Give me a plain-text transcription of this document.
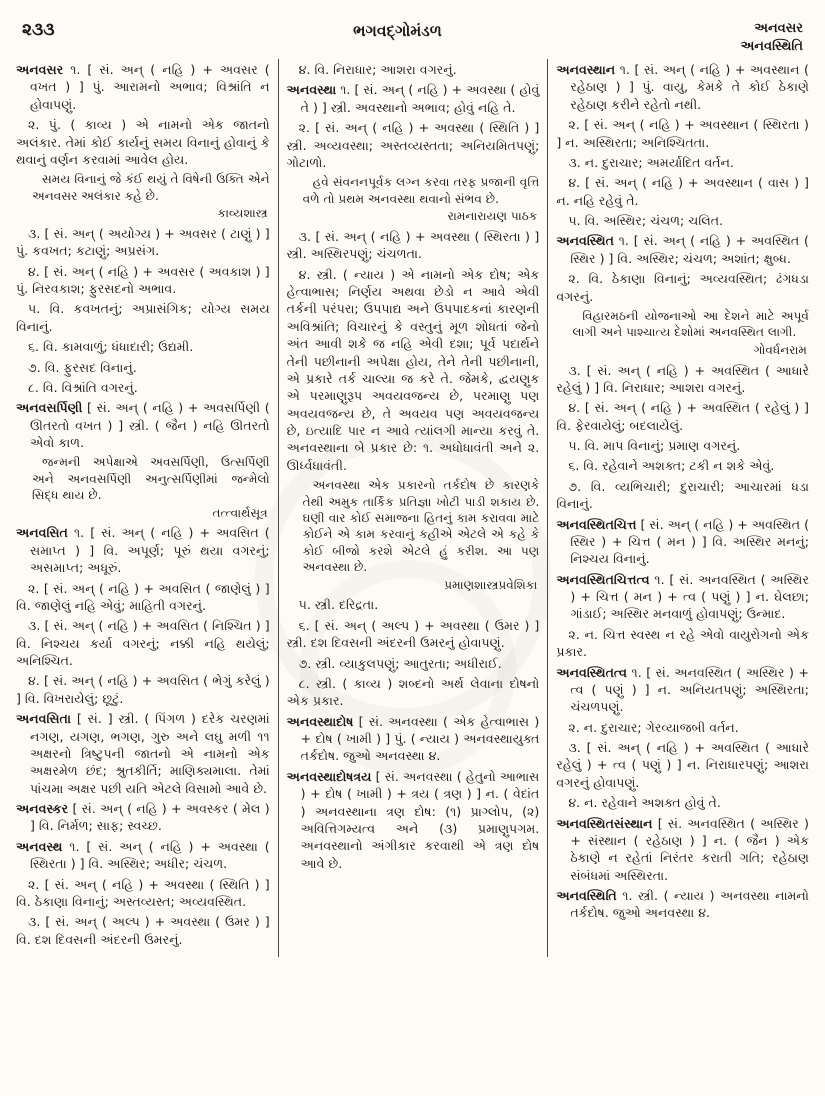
૨૩૩	ભગવદ્ગોમંડળ	અનવસર
અનવસ્થિતિ

અનવસર ૧. [ સં. અન્ ( નહિ ) + અવસર ( વખત ) ] પું. આરામનો અભાવ; વિશ્રાંતિ ન હોવાપણું.

૨. પું. ( કાવ્ય ) એ નામનો એક જાતનો અલંકાર. તેમાં કોઈ કાર્યનું સમય વિનાનું હોવાનું કે થવાનું વર્ણન કરવામાં આવેલ હોય.

સમય વિનાનું જે કંઈ થયું તે વિષેની ઉક્તિ એને અનવસર અલંકાર કહે છે.

કાવ્યશાસ્ત્ર

૩. [ સં. અન્ ( અયોગ્ય ) + અવસર ( ટાણું ) ] પું. કવખત; કટાણું; અપ્રસંગ.

૪. [ સં. અન્ ( નહિ ) + અવસર ( અવકાશ ) ] પું. નિરવકાશ; ફુરસદનો અભાવ.

૫. વિ. કવખતનું; અપ્રાસંગિક; યોગ્ય સમય વિનાનું.

૬. વિ. કામવાળું; ધંધાદારી; ઉદ્યમી.

૭. વિ. ફુરસદ વિનાનું.

૮. વિ. વિશ્રાંતિ વગરનું.

અનવસર્પિણી [ સં. અન્ ( નહિ ) + અવસર્પિણી ( ઊતરતો વખત ) ] સ્ત્રી. ( જૈન ) નહિ ઊતરતો એવો કાળ.

જન્મની અપેક્ષાએ અવસર્પિણી, ઉત્સર્પિણી અને અનવસર્પિણી અનુત્સર્પિણીમાં જન્મેલો સિદ્ધ થાય છે.

તત્ત્વાર્થસૂત્ર

અનવસિત ૧. [ સં. અન્ ( નહિ ) + અવસિત ( સમાપ્ત ) ] વિ. અપૂર્ણ; પૂરું થયા વગરનું; અસમાપ્ત; અધૂરું.

૨. [ સં. અન્ ( નહિ ) + અવસિત ( જાણેલું ) ] વિ. જાણેલું નહિ એવું; માહિતી વગરનું.

૩. [ સં. અન્ ( નહિ ) + અવસિત ( નિશ્ચિત ) ] વિ. નિશ્ચય કર્યા વગરનું; નક્કી નહિ થયેલું; અનિશ્ચિત.

૪. [ સં. અન્ ( નહિ ) + અવસિત ( ભેગું કરેલું ) ] વિ. વિખરાયેલું; છૂટું.

અનવસિતા [ સં. ] સ્ત્રી. ( પિંગળ ) દરેક ચરણમાં નગણ, યગણ, ભગણ, ગુરુ અને લઘુ મળી ૧૧ અક્ષરનો ત્રિષ્ટુપની જાતનો એ નામનો એક અક્ષરમેળ છંદ; શ્રુતકીર્તિ; માણિક્યમાલા. તેમાં પાંચમા અક્ષર પછી યતિ એટલે વિસામો આવે છે.

અનવસ્કર [ સં. અન્ ( નહિ ) + અવસ્કર ( મેલ ) ] વિ. નિર્મળ; સાફ; સ્વચ્છ.

અનવસ્થ ૧. [ સં. અન્ ( નહિ ) + અવસ્થા ( સ્થિરતા ) ] વિ. અસ્થિર; અધીર; ચંચળ.

૨. [ સં. અન્ ( નહિ ) + અવસ્થા ( સ્થિતિ ) ] વિ. ઠેકાણા વિનાનું; અસ્તવ્યસ્ત; અવ્યવસ્થિત.

૩. [ સં. અન્ ( અલ્પ ) + અવસ્થા ( ઉમર ) ] વિ. દશ દિવસની અંદરની ઉમરનું.

૪. વિ. નિરાધાર; આશરા વગરનું.

અનવસ્થા ૧. [ સં. અન્ ( નહિ ) + અવસ્થા ( હોવું તે ) ] સ્ત્રી. અવસ્થાનો અભાવ; હોવું નહિ તે.

૨. [ સં. અન્ ( નહિ ) + અવસ્થા ( સ્થિતિ ) ] સ્ત્રી. અવ્યવસ્થા; અસ્તવ્યસ્તતા; અનિયમિતપણું; ગોટાળો.

હવે સંવનનપૂર્વક લગ્ન કરવા તરફ પ્રજાની વૃત્તિ વળે તો પ્રથમ અનવસ્થા થવાનો સંભવ છે.

રામનારાયણ પાઠક

૩. [ સં. અન્ ( નહિ ) + અવસ્થા ( સ્થિરતા ) ] સ્ત્રી. અસ્થિરપણું; ચંચળતા.

૪. સ્ત્રી. ( ન્યાય ) એ નામનો એક દોષ; એક હેત્વાભાસ; નિર્ણય અથવા છેડો ન આવે એવી તર્કની પરંપરા; ઉપપાદ્ય અને ઉપપાદકનાં કારણની અવિશ્રાંતિ; વિચારનું કે વસ્તુનું મૂળ શોધતાં જેનો અંત આવી શકે જ નહિ એવી દશા; પૂર્વ પદાર્થને તેની પછીનાની અપેક્ષા હોય, તેને તેની પછીનાની, એ પ્રકારે તર્ક ચાલ્યા જ કરે તે. જેમકે, દ્વયણુક એ પરમાણુરૂપ અવયવજન્ય છે, પરમાણુ પણ અવયવજન્ય છે, તે અવયવ પણ અવયવજન્ય છે, ઇત્યાદિ પાર ન આવે ત્યાંલગી માન્યા કરવું તે. અનવસ્થાના બે પ્રકાર છે: ૧. અધોધાવંતી અને ૨. ઊર્ધ્વધાવંતી.

અનવસ્થા એક પ્રકારનો તર્કદોષ છે કારણકે તેથી અમુક તાર્કિક પ્રતિજ્ઞા ખોટી પાડી શકાય છે. ઘણી વાર કોઈ સમાજના હિતનું કામ કરાવવા માટે કોઈને એ કામ કરવાનું કહીએ એટલે એ કહે કે કોઈ બીજો કરશે એટલે હું કરીશ. આ પણ અનવસ્થા છે.

પ્રમાણશાસ્ત્રપ્રવેશિકા

૫. સ્ત્રી. દરિદ્રતા.

૬. [ સં. અન્ ( અલ્પ ) + અવસ્થા ( ઉમર ) ] સ્ત્રી. દશ દિવસની અંદરની ઉમરનું હોવાપણું.

૭. સ્ત્રી. વ્યાકુલપણું; આતુરતા; અધીરાઈ.

૮. સ્ત્રી. ( કાવ્ય ) શબ્દનો અર્થ લેવાના દોષનો એક પ્રકાર.

અનવસ્થાદોષ [ સં. અનવસ્થા ( એક હેત્વાભાસ ) + દોષ ( ખામી ) ] પું. ( ન્યાય ) અનવસ્થાયુક્ત તર્કદોષ. જુઓ અનવસ્થા ૪.

અનવસ્થાદોષત્રય [ સં. અનવસ્થા ( હેતુનો આભાસ ) + દોષ ( ખામી ) + ત્રય ( ત્રણ ) ] ન. ( વેદાંત ) અનવસ્થાના ત્રણ દોષ: (૧) પ્રાગ્લોપ, (૨) અવિત્તિગમ્યત્વ અને (૩) પ્રમાણુપગમ. અનવસ્થાનો અંગીકાર કરવાથી એ ત્રણ દોષ આવે છે.

અનવસ્થાન ૧. [ સં. અન્ ( નહિ ) + અવસ્થાન ( રહેઠાણ ) ] પું. વાયુ, કેમકે તે કોઈ ઠેકાણે રહેઠાણ કરીને રહેતો નથી.

૨. [ સં. અન્ ( નહિ ) + અવસ્થાન ( સ્થિરતા ) ] ન. અસ્થિરતા; અનિશ્ચિતતા.

૩. ન. દુરાચાર; અમર્યાદિત વર્તન.

૪. [ સં. અન્ ( નહિ ) + અવસ્થાન ( વાસ ) ] ન. નહિ રહેવું તે.

૫. વિ. અસ્થિર; ચંચળ; ચલિત.

અનવસ્થિત ૧. [ સં. અન્ ( નહિ ) + અવસ્થિત ( સ્થિર ) ] વિ. અસ્થિર; ચંચળ; અશાંત; ક્ષુબ્ધ.

૨. વિ. ઠેકાણા વિનાનું; અવ્યવસ્થિત; ઢંગધડા વગરનું.

વિહારમઠની યોજનાઓ આ દેશને માટે અપૂર્વ લાગી અને પાશ્ચાત્ય દેશોમાં અનવસ્થિત લાગી.

ગોવર્ધનરામ

૩. [ સં. અન્ ( નહિ ) + અવસ્થિત ( આધારે રહેલું ) ] વિ. નિરાધાર; આશરા વગરનું.

૪. [ સં. અન્ ( નહિ ) + અવસ્થિત ( રહેલું ) ] વિ. ફેરવાયેલું; બદલાયેલું.

૫. વિ. માપ વિનાનું; પ્રમાણ વગરનું.

૬. વિ. રહેવાને અશક્ત; ટકી ન શકે એવું.

૭. વિ. વ્યભિચારી; દુરાચારી; આચારમાં ધડા વિનાનું.

અનવસ્થિતચિત્ત [ સં. અન્ ( નહિ ) + અવસ્થિત ( સ્થિર ) + ચિત્ત ( મન ) ] વિ. અસ્થિર મનનું; નિશ્ચય વિનાનું.

અનવસ્થિતચિત્તત્વ ૧. [ સં. અનવસ્થિત ( અસ્થિર ) + ચિત્ત ( મન ) + ત્વ ( પણું ) ] ન. ઘેલછા; ગાંડાઈ; અસ્થિર મનવાળું હોવાપણું; ઉન્માદ.

૨. ન. ચિત્ત સ્વસ્થ ન રહે એવો વાયુરોગનો એક પ્રકાર.

અનવસ્થિતત્વ ૧. [ સં. અનવસ્થિત ( અસ્થિર ) + ત્વ ( પણું ) ] ન. અનિયતપણું; અસ્થિરતા; ચંચળપણું.

૨. ન. દુરાચાર; ગેરવ્યાજબી વર્તન.

૩. [ સં. અન્ ( નહિ ) + અવસ્થિત ( આધારે રહેલું ) + ત્વ ( પણું ) ] ન. નિરાધારપણું; આશરા વગરનું હોવાપણું.

૪. ન. રહેવાને અશક્ત હોવું તે.

અનવસ્થિતસંસ્થાન [ સં. અનવસ્થિત ( અસ્થિર ) + સંસ્થાન ( રહેઠાણ ) ] ન. ( જૈન ) એક ઠેકાણે ન રહેતાં નિરંતર કરાતી ગતિ; રહેઠાણ સંબંધમાં અસ્થિરતા.

અનવસ્થિતિ ૧. સ્ત્રી. ( ન્યાય ) અનવસ્થા નામનો તર્કદોષ. જુઓ અનવસ્થા ૪.
